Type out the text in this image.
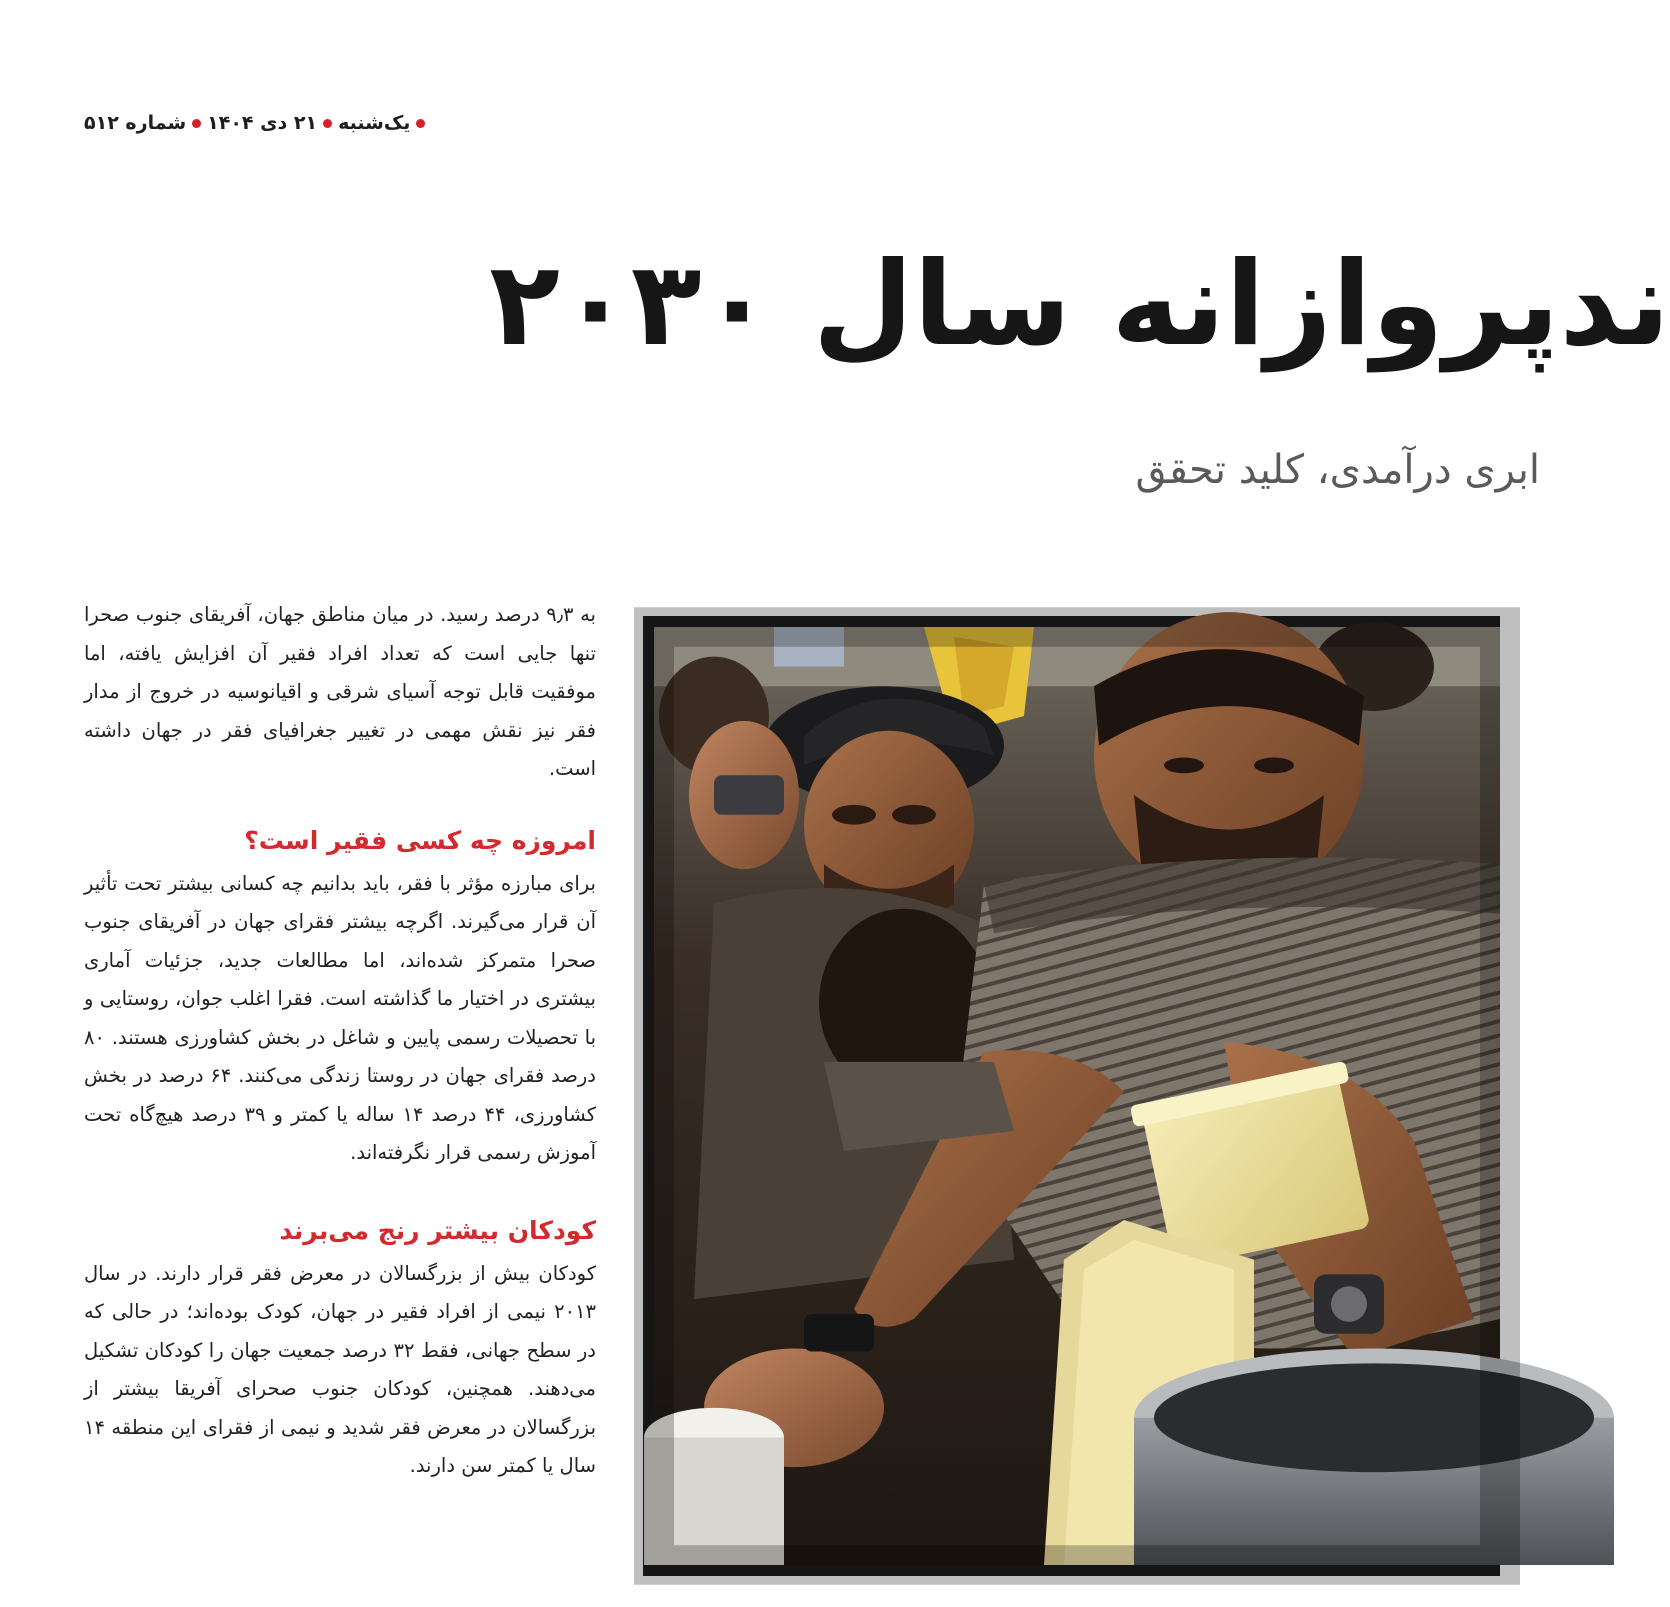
یک‌شنبه
۲۱ دی ۱۴۰۴
شماره ۵۱۲
ندپروازانه سال ۲۰۳۰
ابری درآمدی، کلید تحقق

به ۹٫۳ درصد رسید. در میان مناطق جهان، آفریقای جنوب صحرا تنها جایی است که تعداد افراد فقیر آن افزایش یافته، اما موفقیت قابل توجه آسیای شرقی و اقیانوسیه در خروج از مدار فقر نیز نقش مهمی در تغییر جغرافیای فقر در جهان داشته است.

امروزه چه کسی فقیر است؟

برای مبارزه مؤثر با فقر، باید بدانیم چه کسانی بیشتر تحت تأثیر آن قرار می‌گیرند. اگرچه بیشتر فقرای جهان در آفریقای جنوب صحرا متمرکز شده‌اند، اما مطالعات جدید، جزئیات آماری بیشتری در اختیار ما گذاشته است. فقرا اغلب جوان، روستایی و با تحصیلات رسمی پایین و شاغل در بخش کشاورزی هستند. ۸۰ درصد فقرای جهان در روستا زندگی می‌کنند. ۶۴ درصد در بخش کشاورزی، ۴۴ درصد ۱۴ ساله یا کمتر و ۳۹ درصد هیچ‌گاه تحت آموزش رسمی قرار نگرفته‌اند.

کودکان بیشتر رنج می‌برند

کودکان بیش از بزرگسالان در معرض فقر قرار دارند. در سال ۲۰۱۳ نیمی از افراد فقیر در جهان، کودک بوده‌اند؛ در حالی که در سطح جهانی، فقط ۳۲ درصد جمعیت جهان را کودکان تشکیل می‌دهند. همچنین، کودکان جنوب صحرای آفریقا بیشتر از بزرگسالان در معرض فقر شدید و نیمی از فقرای این منطقه ۱۴ سال یا کمتر سن دارند.
